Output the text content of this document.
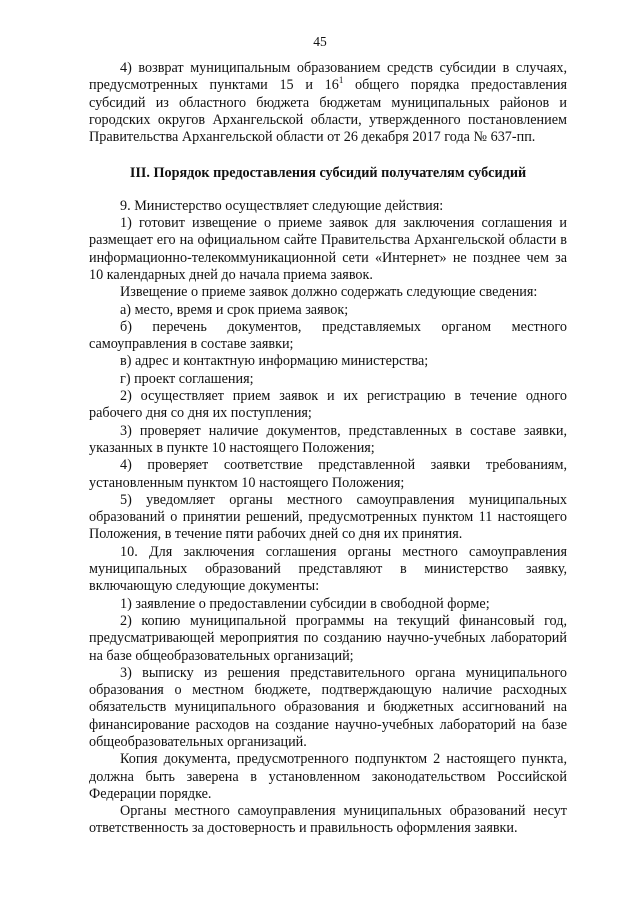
45

4) возврат муниципальным образованием средств субсидии в случаях, предусмотренных пунктами 15 и $16^1$ общего порядка предоставления субсидий из областного бюджета бюджетам муниципальных районов и городских округов Архангельской области, утвержденного постановлением Правительства Архангельской области от 26 декабря 2017 года № 637-пп.

III. Порядок предоставления субсидий получателям субсидий

9. Министерство осуществляет следующие действия:

1) готовит извещение о приеме заявок для заключения соглашения и размещает его на официальном сайте Правительства Архангельской области в информационно-телекоммуникационной сети «Интернет» не позднее чем за 10 календарных дней до начала приема заявок.

Извещение о приеме заявок должно содержать следующие сведения:

а) место, время и срок приема заявок;

б) перечень документов, представляемых органом местного самоуправления в составе заявки;

в) адрес и контактную информацию министерства;

г) проект соглашения;

2) осуществляет прием заявок и их регистрацию в течение одного рабочего дня со дня их поступления;

3) проверяет наличие документов, представленных в составе заявки, указанных в пункте 10 настоящего Положения;

4) проверяет соответствие представленной заявки требованиям, установленным пунктом 10 настоящего Положения;

5) уведомляет органы местного самоуправления муниципальных образований о принятии решений, предусмотренных пунктом 11 настоящего Положения, в течение пяти рабочих дней со дня их принятия.

10. Для заключения соглашения органы местного самоуправления муниципальных образований представляют в министерство заявку, включающую следующие документы:

1) заявление о предоставлении субсидии в свободной форме;

2) копию муниципальной программы на текущий финансовый год, предусматривающей мероприятия по созданию научно-учебных лабораторий на базе общеобразовательных организаций;

3) выписку из решения представительного органа муниципального образования о местном бюджете, подтверждающую наличие расходных обязательств муниципального образования и бюджетных ассигнований на финансирование расходов на создание научно-учебных лабораторий на базе общеобразовательных организаций.

Копия документа, предусмотренного подпунктом 2 настоящего пункта, должна быть заверена в установленном законодательством Российской Федерации порядке.

Органы местного самоуправления муниципальных образований несут ответственность за достоверность и правильность оформления заявки.
